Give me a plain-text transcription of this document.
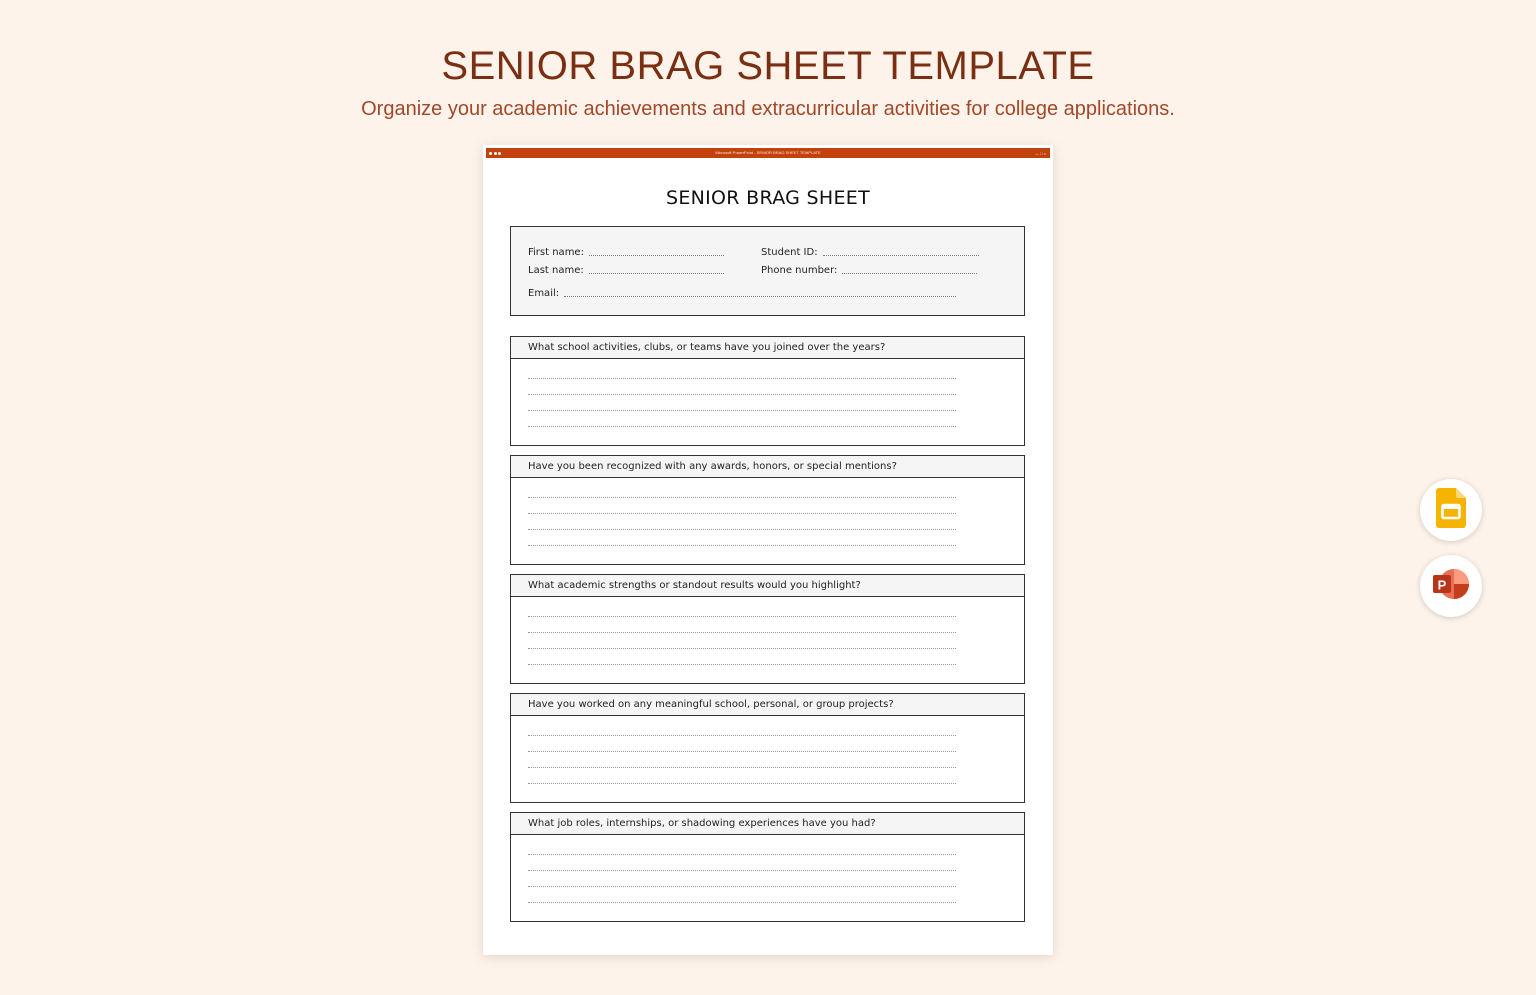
SENIOR BRAG SHEET TEMPLATE

Organize your academic achievements and extracurricular activities for college applications.

Microsoft PowerPoint - SENIOR BRAG SHEET TEMPLATE	— □ ×
SENIOR BRAG SHEET
First name:	Student ID:
Last name:	Phone number:
Email:
What school activities, clubs, or teams have you joined over the years?
Have you been recognized with any awards, honors, or special mentions?
What academic strengths or standout results would you highlight?
Have you worked on any meaningful school, personal, or group projects?
What job roles, internships, or shadowing experiences have you had?
P
